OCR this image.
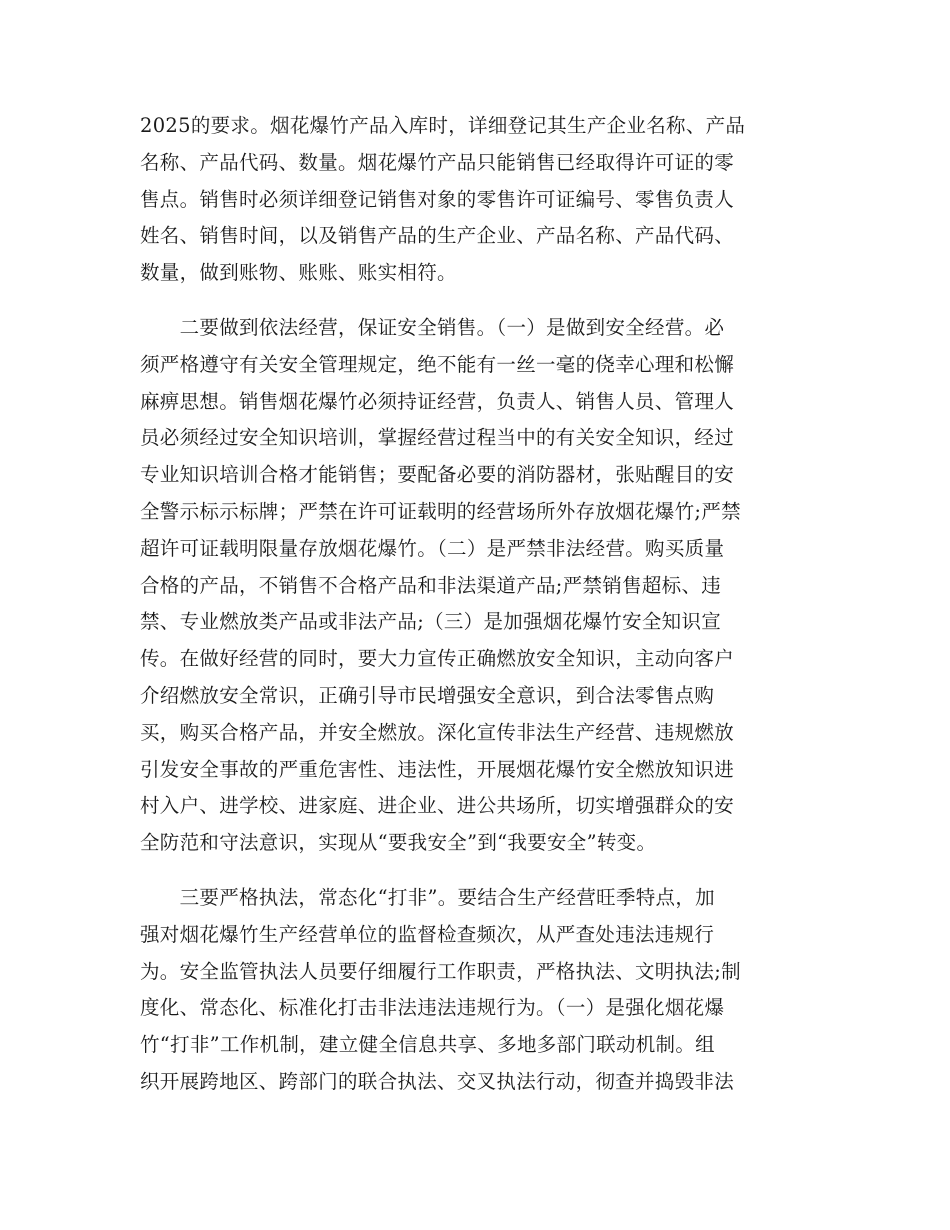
2025的要求。烟花爆竹产品入库时，详细登记其生产企业名称、产品
名称、产品代码、数量。烟花爆竹产品只能销售已经取得许可证的零
售点。销售时必须详细登记销售对象的零售许可证编号、零售负责人
姓名、销售时间，以及销售产品的生产企业、产品名称、产品代码、
数量，做到账物、账账、账实相符。
　　二要做到依法经营，保证安全销售。（一）是做到安全经营。必
须严格遵守有关安全管理规定，绝不能有一丝一毫的侥幸心理和松懈
麻痹思想。销售烟花爆竹必须持证经营，负责人、销售人员、管理人
员必须经过安全知识培训，掌握经营过程当中的有关安全知识，经过
专业知识培训合格才能销售；要配备必要的消防器材，张贴醒目的安
全警示标示标牌；严禁在许可证载明的经营场所外存放烟花爆竹;严禁
超许可证载明限量存放烟花爆竹。（二）是严禁非法经营。购买质量
合格的产品，不销售不合格产品和非法渠道产品;严禁销售超标、违
禁、专业燃放类产品或非法产品;（三）是加强烟花爆竹安全知识宣
传。在做好经营的同时，要大力宣传正确燃放安全知识，主动向客户
介绍燃放安全常识，正确引导市民增强安全意识，到合法零售点购
买，购买合格产品，并安全燃放。深化宣传非法生产经营、违规燃放
引发安全事故的严重危害性、违法性，开展烟花爆竹安全燃放知识进
村入户、进学校、进家庭、进企业、进公共场所，切实增强群众的安
全防范和守法意识，实现从“要我安全”到“我要安全”转变。
　　三要严格执法，常态化“打非”。要结合生产经营旺季特点，加
强对烟花爆竹生产经营单位的监督检查频次，从严查处违法违规行
为。安全监管执法人员要仔细履行工作职责，严格执法、文明执法;制
度化、常态化、标准化打击非法违法违规行为。（一）是强化烟花爆
竹“打非”工作机制，建立健全信息共享、多地多部门联动机制。组
织开展跨地区、跨部门的联合执法、交叉执法行动，彻查并捣毁非法
